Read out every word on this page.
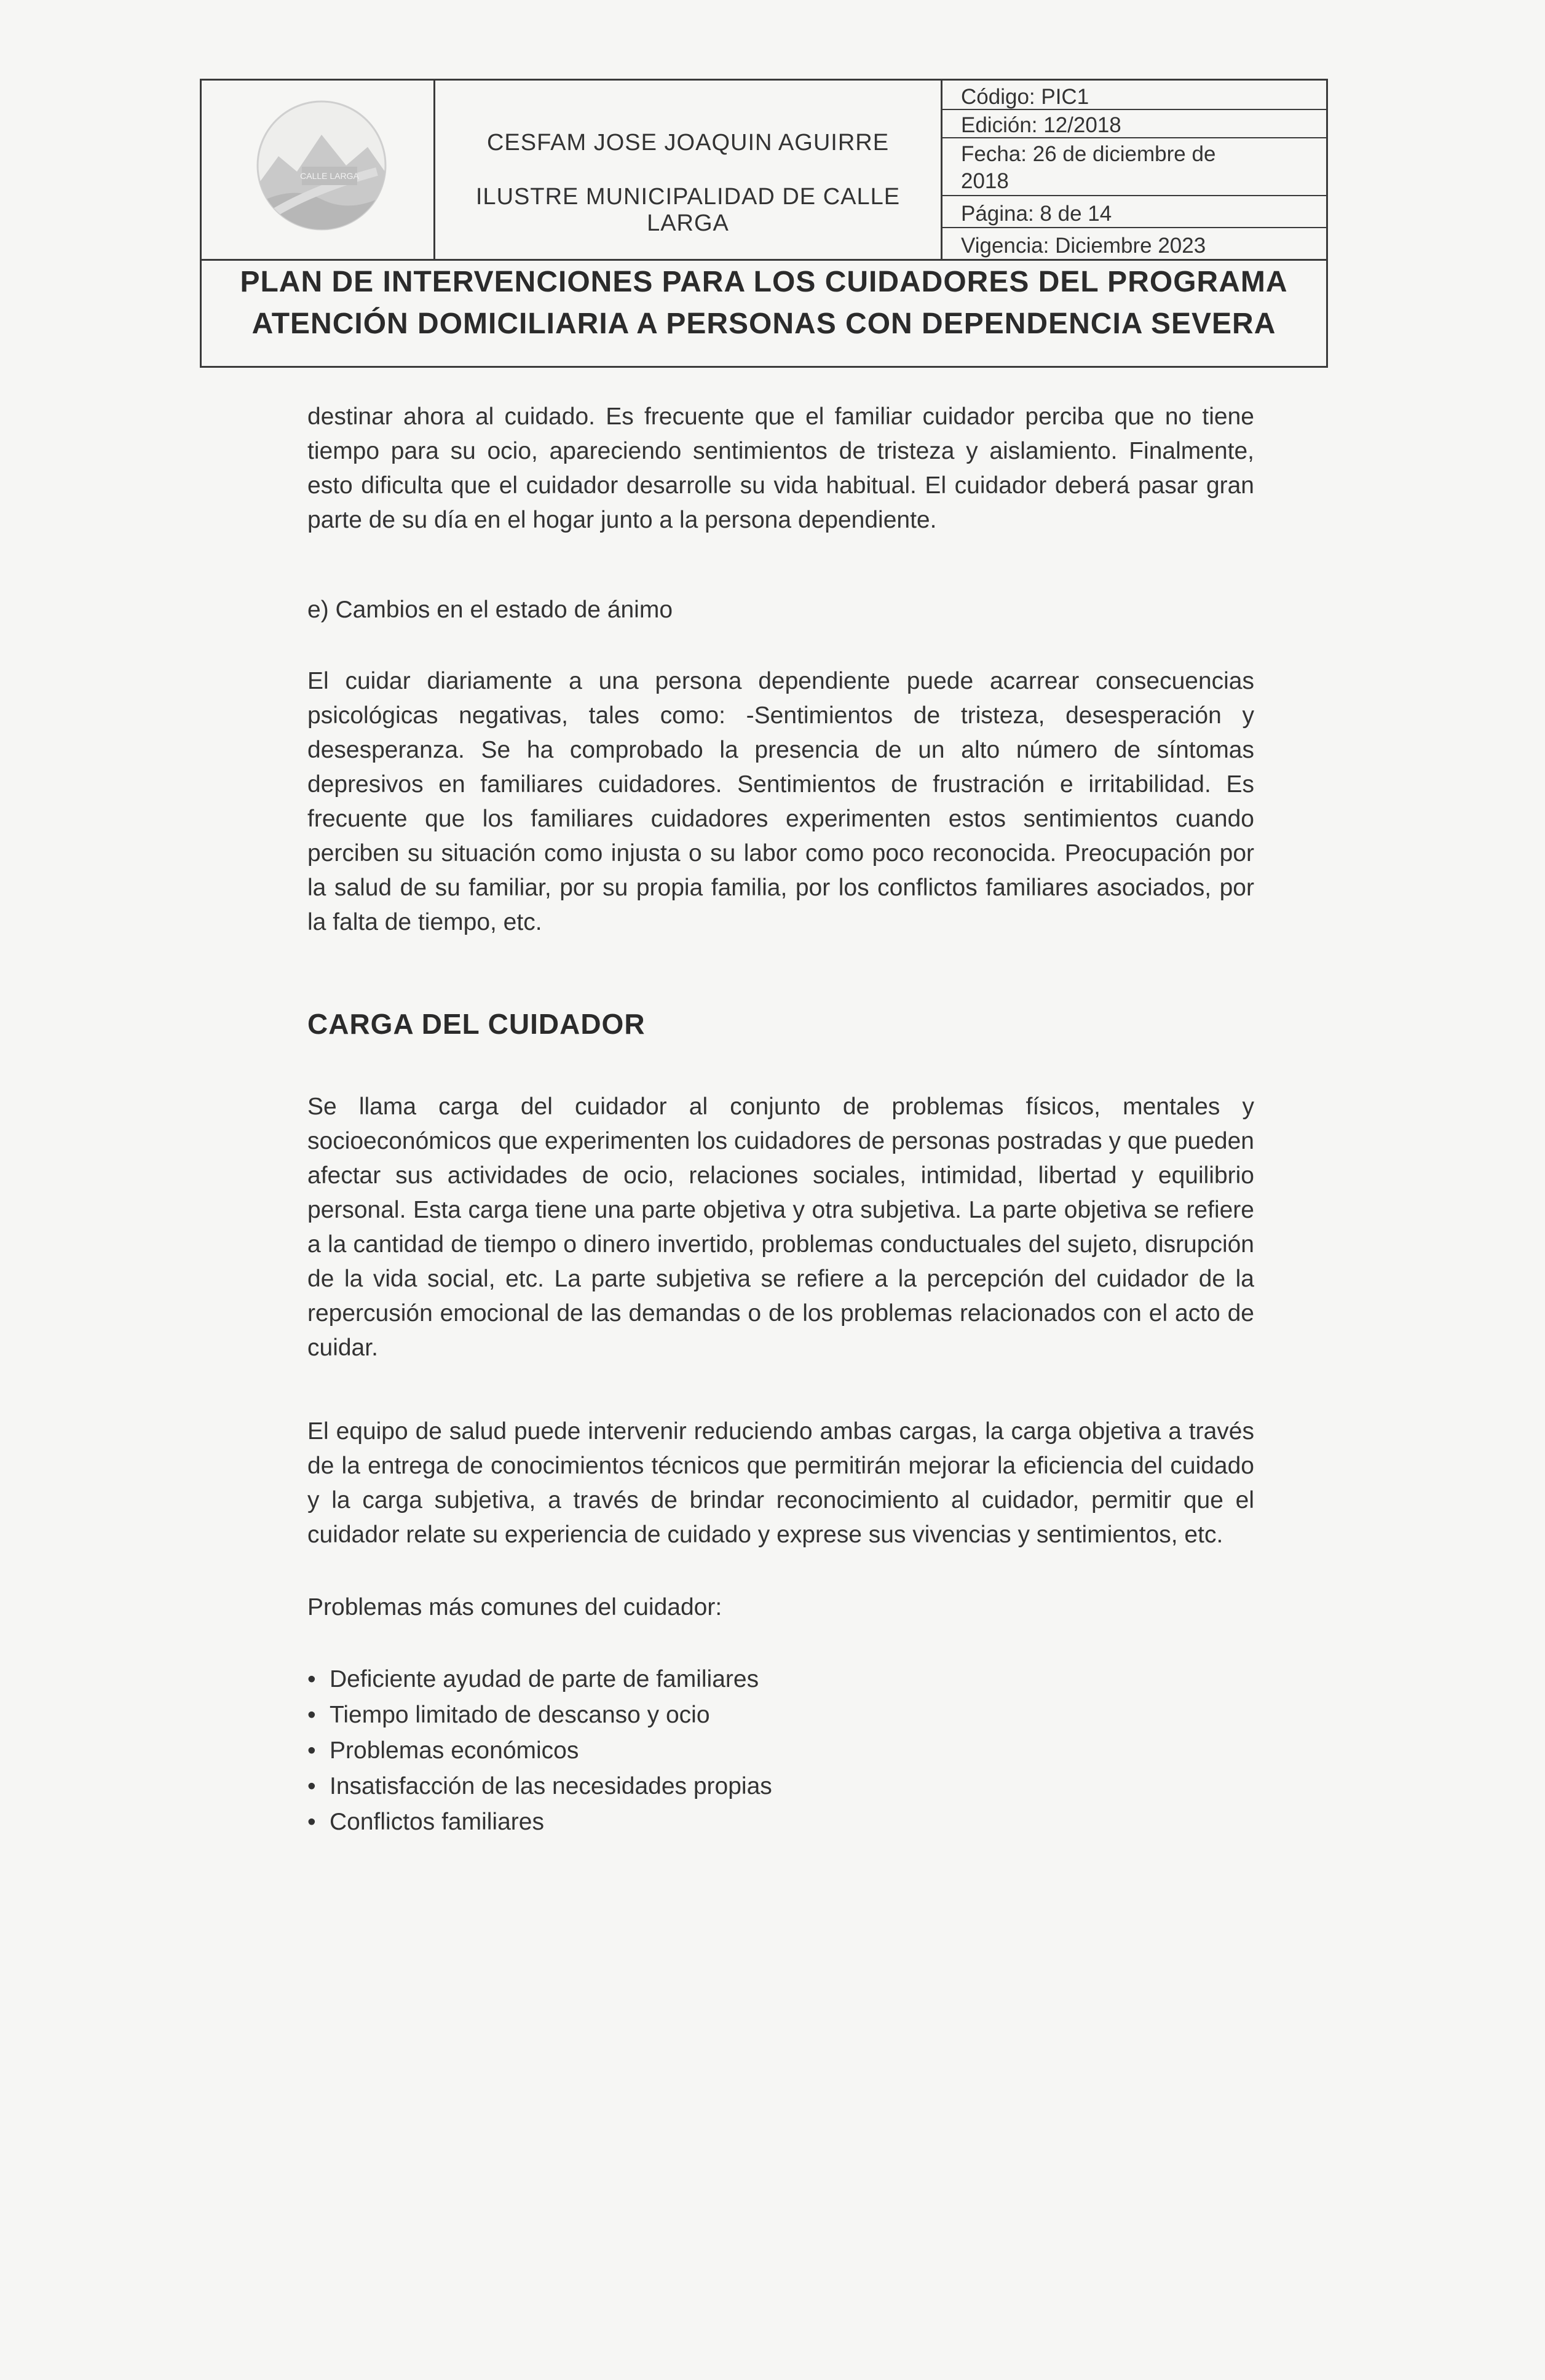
CALLE LARGA
CESFAM JOSE JOAQUIN AGUIRRE
ILUSTRE MUNICIPALIDAD DE CALLE LARGA
Código: PIC1
Edición: 12/2018
Fecha: 26 de diciembre de
2018
Página: 8 de 14
Vigencia: Diciembre 2023
PLAN DE INTERVENCIONES PARA LOS CUIDADORES DEL PROGRAMA
ATENCIÓN DOMICILIARIA A PERSONAS CON DEPENDENCIA SEVERA

destinar ahora al cuidado. Es frecuente que el familiar cuidador perciba que no tiene tiempo para su ocio, apareciendo sentimientos de tristeza y aislamiento. Finalmente, esto dificulta que el cuidador desarrolle su vida habitual. El cuidador deberá pasar gran parte de su día en el hogar junto a la persona dependiente.

e) Cambios en el estado de ánimo

El cuidar diariamente a una persona dependiente puede acarrear consecuencias psicológicas negativas, tales como: -Sentimientos de tristeza, desesperación y desesperanza. Se ha comprobado la presencia de un alto número de síntomas depresivos en familiares cuidadores. Sentimientos de frustración e irritabilidad. Es frecuente que los familiares cuidadores experimenten estos sentimientos cuando perciben su situación como injusta o su labor como poco reconocida. Preocupación por la salud de su familiar, por su propia familia, por los conflictos familiares asociados, por la falta de tiempo, etc.

CARGA DEL CUIDADOR

Se llama carga del cuidador al conjunto de problemas físicos, mentales y socioeconómicos que experimenten los cuidadores de personas postradas y que pueden afectar sus actividades de ocio, relaciones sociales, intimidad, libertad y equilibrio personal. Esta carga tiene una parte objetiva y otra subjetiva. La parte objetiva se refiere a la cantidad de tiempo o dinero invertido, problemas conductuales del sujeto, disrupción de la vida social, etc. La parte subjetiva se refiere a la percepción del cuidador de la repercusión emocional de las demandas o de los problemas relacionados con el acto de cuidar.

El equipo de salud puede intervenir reduciendo ambas cargas, la carga objetiva a través de la entrega de conocimientos técnicos que permitirán mejorar la eficiencia del cuidado y la carga subjetiva, a través de brindar reconocimiento al cuidador, permitir que el cuidador relate su experiencia de cuidado y exprese sus vivencias y sentimientos, etc.

Problemas más comunes del cuidador:

• Deficiente ayudad de parte de familiares
• Tiempo limitado de descanso y ocio
• Problemas económicos
• Insatisfacción de las necesidades propias
• Conflictos familiares
